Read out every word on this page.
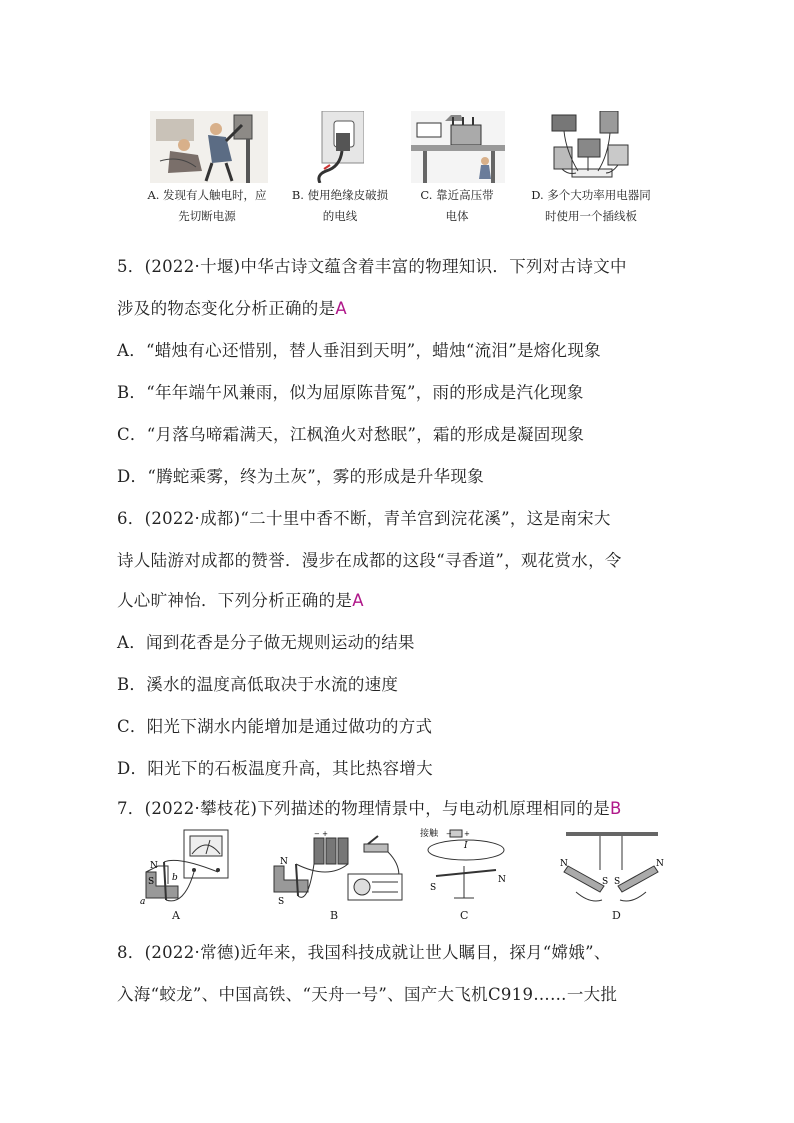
A. 发现有人触电时，应
先切断电源
B. 使用绝缘皮破损
的电线
C. 靠近高压带
电体
D. 多个大功率用电器同
时使用一个插线板
5．(2022·十堰)中华古诗文蕴含着丰富的物理知识．下列对古诗文中
涉及的物态变化分析正确的是A
A．“蜡烛有心还惜别，替人垂泪到天明”，蜡烛“流泪”是熔化现象
B．“年年端午风兼雨，似为屈原陈昔冤”，雨的形成是汽化现象
C．“月落乌啼霜满天，江枫渔火对愁眠”，霜的形成是凝固现象
D．“腾蛇乘雾，终为土灰”，雾的形成是升华现象
6．(2022·成都)“二十里中香不断，青羊宫到浣花溪”，这是南宋大
诗人陆游对成都的赞誉．漫步在成都的这段“寻香道”，观花赏水，令
人心旷神怡．下列分析正确的是A
A．闻到花香是分子做无规则运动的结果
B．溪水的温度高低取决于水流的速度
C．阳光下湖水内能增加是通过做功的方式
D．阳光下的石板温度升高，其比热容增大
7．(2022·攀枝花)下列描述的物理情景中，与电动机原理相同的是B
N
S
a
b
A
− +
N
S
B
接触 − +
I
S
N
C
N
S S
N
D
8．(2022·常德)近年来，我国科技成就让世人瞩目，探月“嫦娥”、
入海“蛟龙”、中国高铁、“天舟一号”、国产大飞机C919……一大批
